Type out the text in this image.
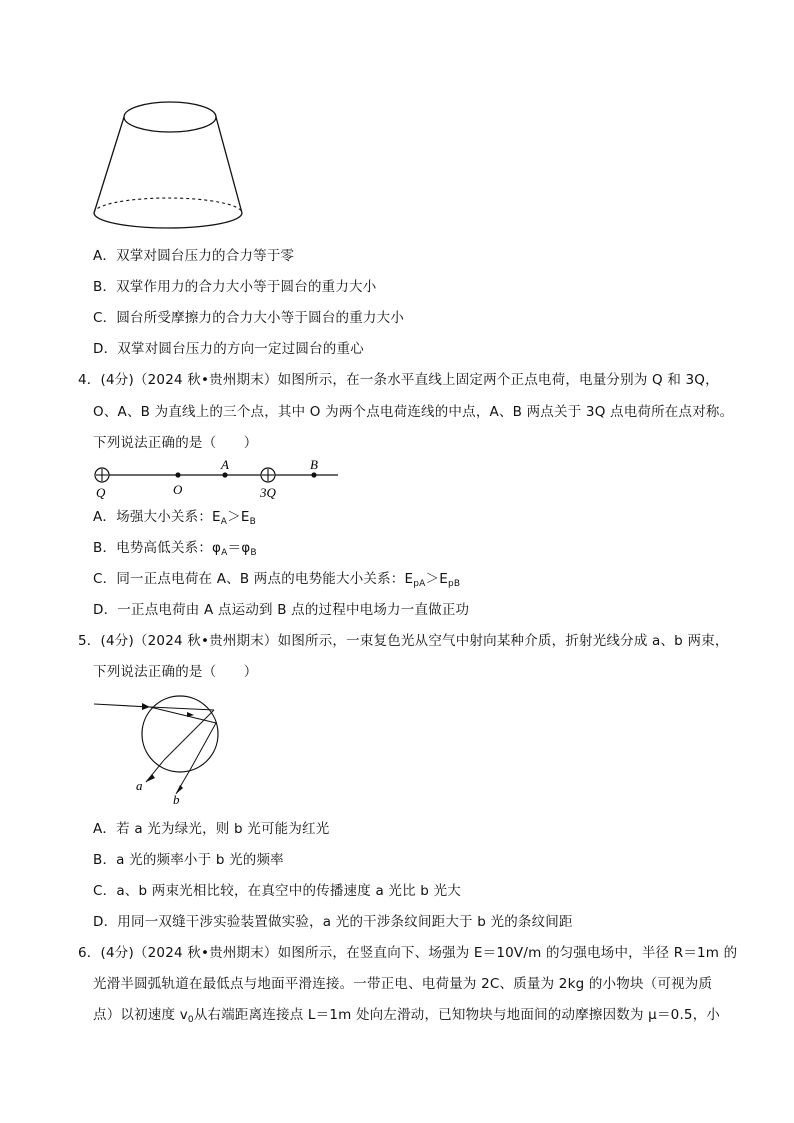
A．双掌对圆台压力的合力等于零
B．双掌作用力的合力大小等于圆台的重力大小
C．圆台所受摩擦力的合力大小等于圆台的重力大小
D．双掌对圆台压力的方向一定过圆台的重心
4．(4分)（2024 秋•贵州期末）如图所示，在一条水平直线上固定两个正点电荷，电量分别为 Q 和 3Q，
O、A、B 为直线上的三个点，其中 O 为两个点电荷连线的中点，A、B 两点关于 3Q 点电荷所在点对称。
下列说法正确的是（　　）
Q	O
A
3Q
B
A．场强大小关系：$E_A>E_B$
B．电势高低关系：$\varphi_A=\varphi_B$
C．同一正点电荷在 A、B 两点的电势能大小关系：$E_{pA}>E_{pB}$
D．一正点电荷由 A 点运动到 B 点的过程中电场力一直做正功
5．(4分)（2024 秋•贵州期末）如图所示，一束复色光从空气中射向某种介质，折射光线分成 a、b 两束，
下列说法正确的是（　　）
a
b
A．若 a 光为绿光，则 b 光可能为红光
B．a 光的频率小于 b 光的频率
C．a、b 两束光相比较，在真空中的传播速度 a 光比 b 光大
D．用同一双缝干涉实验装置做实验，a 光的干涉条纹间距大于 b 光的条纹间距
6．(4分)（2024 秋•贵州期末）如图所示，在竖直向下、场强为 E＝10V/m 的匀强电场中，半径 R＝1m 的
光滑半圆弧轨道在最低点与地面平滑连接。一带正电、电荷量为 2C、质量为 2kg 的小物块（可视为质
点）以初速度 $v_0$从右端距离连接点 L＝1m 处向左滑动，已知物块与地面间的动摩擦因数为 μ＝0.5，小
